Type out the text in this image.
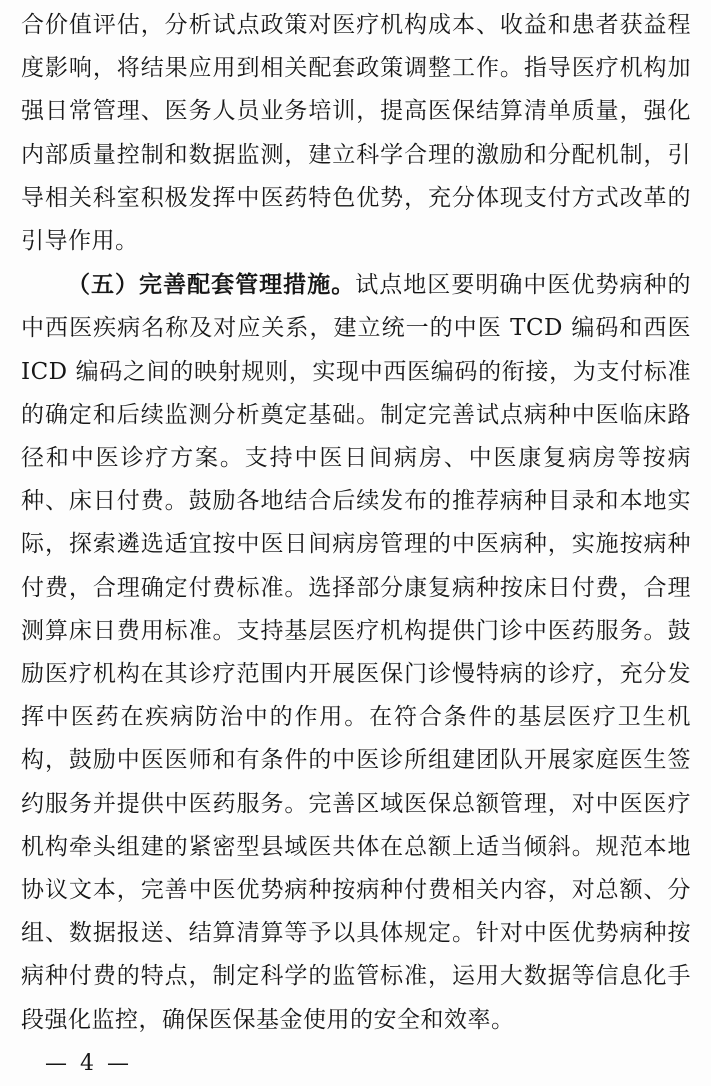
合价值评估，分析试点政策对医疗机构成本、收益和患者获益程

度影响，将结果应用到相关配套政策调整工作。指导医疗机构加

强日常管理、医务人员业务培训，提高医保结算清单质量，强化

内部质量控制和数据监测，建立科学合理的激励和分配机制，引

导相关科室积极发挥中医药特色优势，充分体现支付方式改革的

引导作用。

（五）完善配套管理措施。试点地区要明确中医优势病种的

中西医疾病名称及对应关系，建立统一的中医 TCD 编码和西医

ICD 编码之间的映射规则，实现中西医编码的衔接，为支付标准

的确定和后续监测分析奠定基础。制定完善试点病种中医临床路

径和中医诊疗方案。支持中医日间病房、中医康复病房等按病

种、床日付费。鼓励各地结合后续发布的推荐病种目录和本地实

际，探索遴选适宜按中医日间病房管理的中医病种，实施按病种

付费，合理确定付费标准。选择部分康复病种按床日付费，合理

测算床日费用标准。支持基层医疗机构提供门诊中医药服务。鼓

励医疗机构在其诊疗范围内开展医保门诊慢特病的诊疗，充分发

挥中医药在疾病防治中的作用。在符合条件的基层医疗卫生机

构，鼓励中医医师和有条件的中医诊所组建团队开展家庭医生签

约服务并提供中医药服务。完善区域医保总额管理，对中医医疗

机构牵头组建的紧密型县域医共体在总额上适当倾斜。规范本地

协议文本，完善中医优势病种按病种付费相关内容，对总额、分

组、数据报送、结算清算等予以具体规定。针对中医优势病种按

病种付费的特点，制定科学的监管标准，运用大数据等信息化手

段强化监控，确保医保基金使用的安全和效率。

— 4 —
